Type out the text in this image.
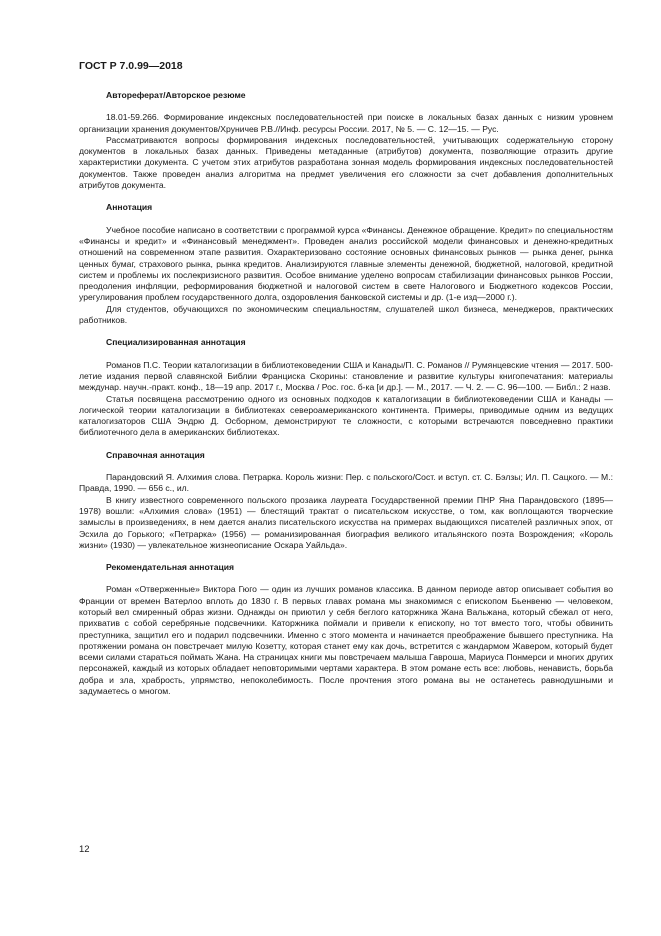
ГОСТ Р 7.0.99—2018
Автореферат/Авторское резюме

18.01-59.266. Формирование индексных последовательностей при поиске в локальных базах данных с низким уровнем организации хранения документов/Хруничев Р.В.//Инф. ресурсы России. 2017, № 5. — С. 12—15. — Рус.

Рассматриваются вопросы формирования индексных последовательностей, учитывающих содержательную сторону документов в локальных базах данных. Приведены метаданные (атрибутов) документа, позволяющие отразить другие характеристики документа. С учетом этих атрибутов разработана зонная модель формирования индексных последовательностей документов. Также проведен анализ алгоритма на предмет увеличения его сложности за счет добавления дополнительных атрибутов документа.

Аннотация

Учебное пособие написано в соответствии с программой курса «Финансы. Денежное обращение. Кредит» по специальностям «Финансы и кредит» и «Финансовый менеджмент». Проведен анализ российской модели финансовых и денежно-кредитных отношений на современном этапе развития. Охарактеризовано состояние основных финансовых рынков — рынка денег, рынка ценных бумаг, страхового рынка, рынка кредитов. Анализируются главные элементы денежной, бюджетной, налоговой, кредитной систем и проблемы их послекризисного развития. Особое внимание уделено вопросам стабилизации финансовых рынков России, преодоления инфляции, реформирования бюджетной и налоговой систем в свете Налогового и Бюджетного кодексов России, урегулирования проблем государственного долга, оздоровления банковской системы и др. (1-е изд—2000 г.).

Для студентов, обучающихся по экономическим специальностям, слушателей школ бизнеса, менеджеров, практических работников.

Специализированная аннотация

Романов П.С. Теории каталогизации в библиотековедении США и Канады/П. С. Романов // Румянцевские чтения — 2017. 500-летие издания первой славянской Библии Франциска Скорины: становление и развитие культуры книгопечатания: материалы междунар. научн.-практ. конф., 18—19 апр. 2017 г., Москва / Рос. гос. б-ка [и др.]. — М., 2017. — Ч. 2. — С. 96—100. — Библ.: 2 назв.

Статья посвящена рассмотрению одного из основных подходов к каталогизации в библиотековедении США и Канады — логической теории каталогизации в библиотеках североамериканского континента. Примеры, приводимые одним из ведущих каталогизаторов США Эндрю Д. Осборном, демонстрируют те сложности, с которыми встречаются повседневно практики библиотечного дела в американских библиотеках.

Справочная аннотация

Парандовский Я. Алхимия слова. Петрарка. Король жизни: Пер. с польского/Сост. и вступ. ст. С. Бэлзы; Ил. П. Сацкого. — М.: Правда, 1990. — 656 с., ил.

В книгу известного современного польского прозаика лауреата Государственной премии ПНР Яна Парандовского (1895—1978) вошли: «Алхимия слова» (1951) — блестящий трактат о писательском искусстве, о том, как воплощаются творческие замыслы в произведениях, в нем дается анализ писательского искусства на примерах выдающихся писателей различных эпох, от Эсхила до Горького; «Петрарка» (1956) — романизированная биография великого итальянского поэта Возрождения; «Король жизни» (1930) — увлекательное жизнеописание Оскара Уайльда».

Рекомендательная аннотация

Роман «Отверженные» Виктора Гюго — один из лучших романов классика. В данном периоде автор описывает события во Франции от времен Ватерлоо вплоть до 1830 г. В первых главах романа мы знакомимся с епископом Бьенвеню — человеком, который вел смиренный образ жизни. Однажды он приютил у себя беглого каторжника Жана Вальжана, который сбежал от него, прихватив с собой серебряные подсвечники. Каторжника поймали и привели к епископу, но тот вместо того, чтобы обвинить преступника, защитил его и подарил подсвечники. Именно с этого момента и начинается преображение бывшего преступника. На протяжении романа он повстречает милую Козетту, которая станет ему как дочь, встретится с жандармом Жавером, который будет всеми силами стараться поймать Жана. На страницах книги мы повстречаем малыша Гавроша, Мариуса Понмерси и многих других персонажей, каждый из которых обладает неповторимыми чертами характера. В этом романе есть все: любовь, ненависть, борьба добра и зла, храбрость, упрямство, непоколебимость. После прочтения этого романа вы не останетесь равнодушными и задумаетесь о многом.

12
